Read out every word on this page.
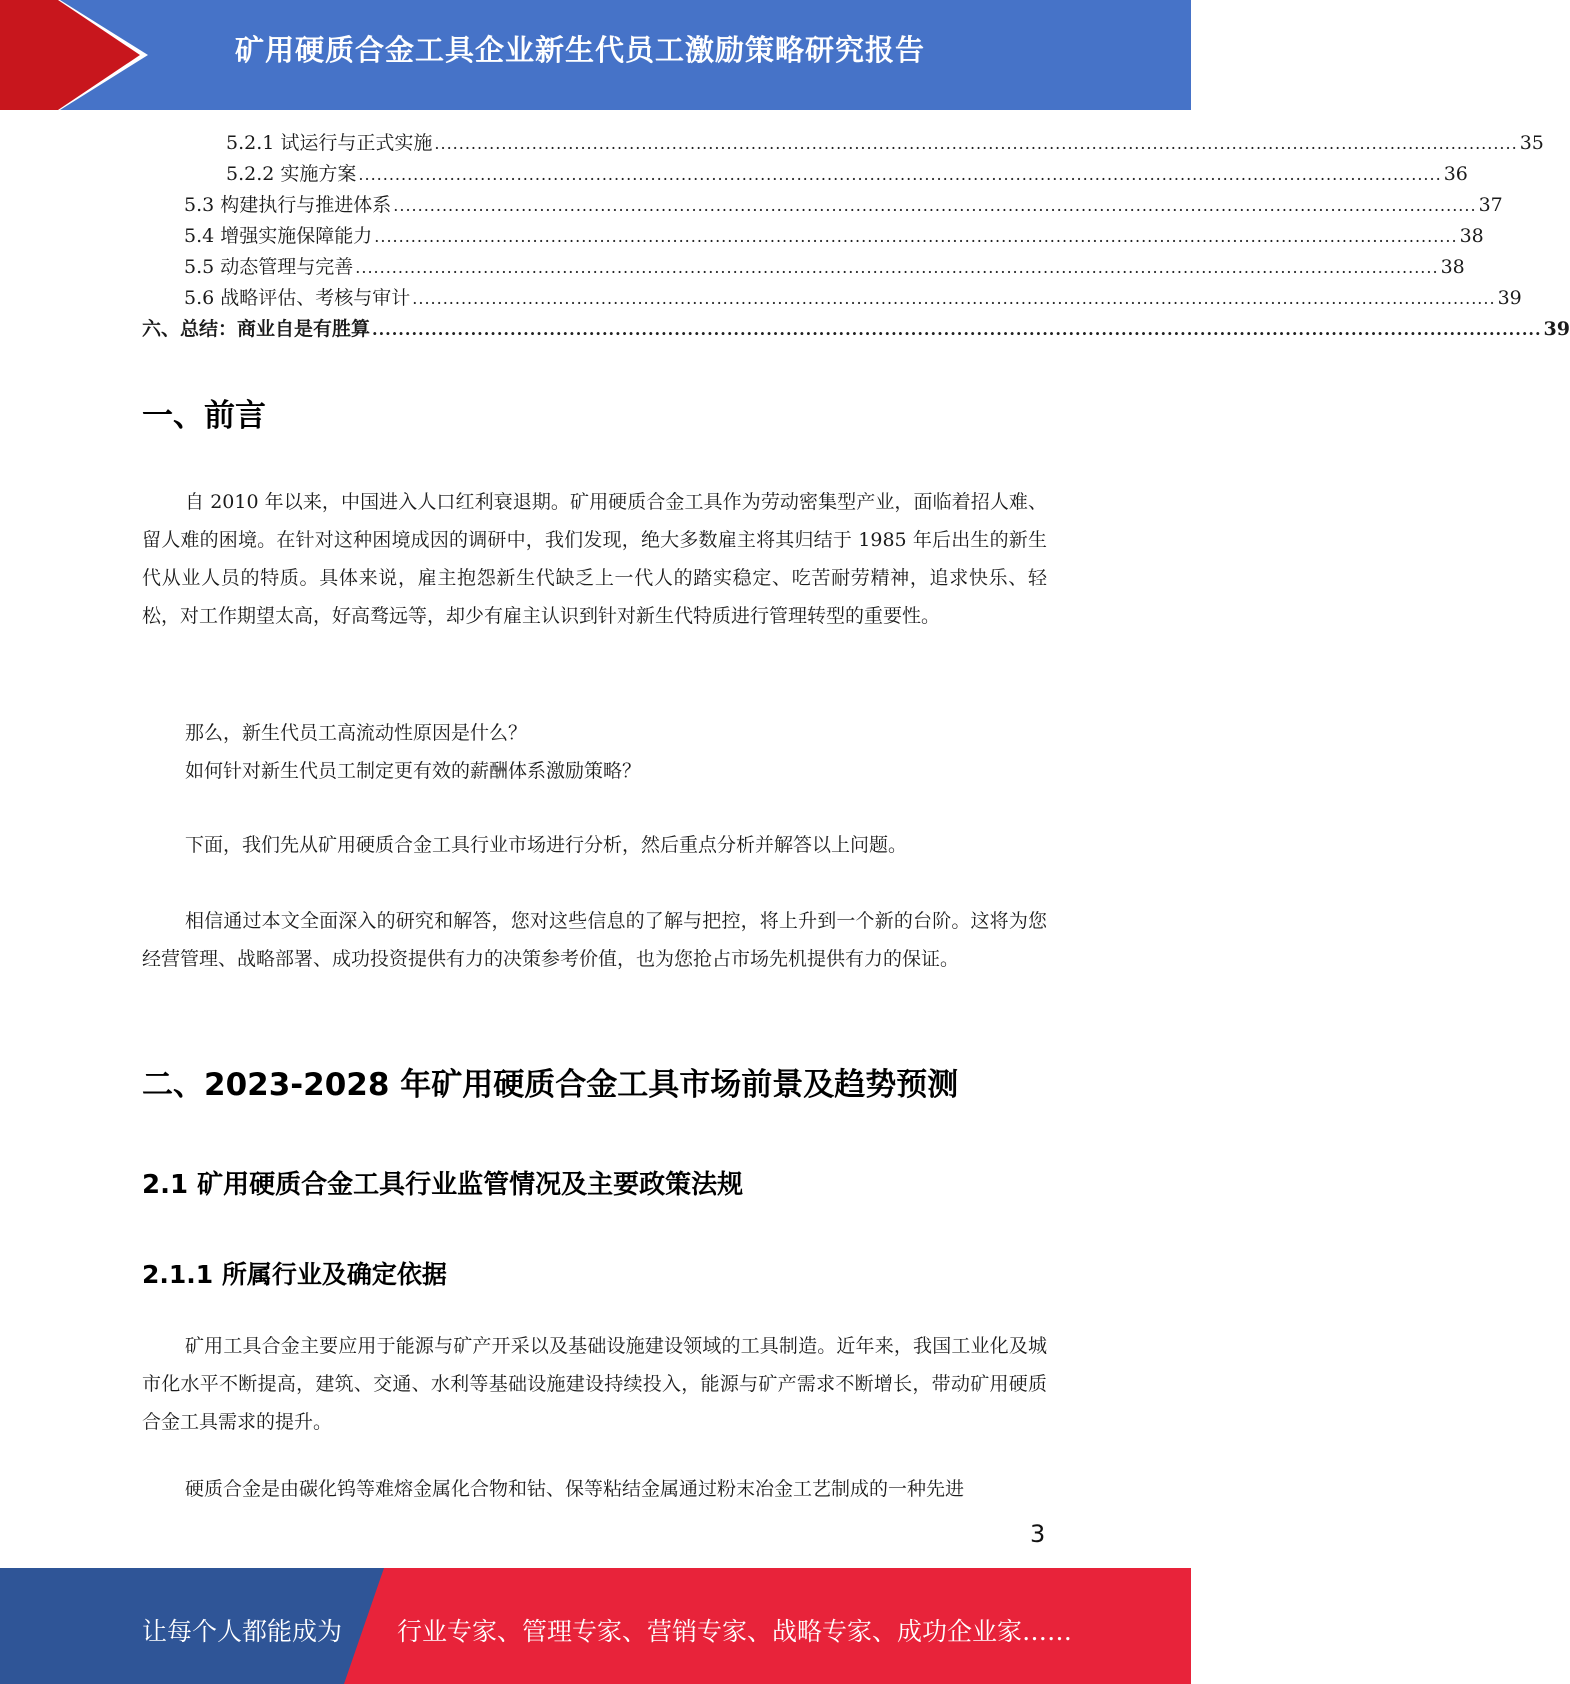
矿用硬质合金工具企业新生代员工激励策略研究报告
5.2.1 试运行与正式实施 .................................................................................................................................................................................. 35
5.2.2 实施方案 .................................................................................................................................................................................. 36
5.3 构建执行与推进体系 .................................................................................................................................................................................. 37
5.4 增强实施保障能力 .................................................................................................................................................................................. 38
5.5 动态管理与完善 .................................................................................................................................................................................. 38
5.6 战略评估、考核与审计 .................................................................................................................................................................................. 39
六、总结：商业自是有胜算 .................................................................................................................................................................................. 39
一、前言

自 2010 年以来，中国进入人口红利衰退期。矿用硬质合金工具作为劳动密集型产业，面临着招人难、留人难的困境。在针对这种困境成因的调研中，我们发现，绝大多数雇主将其归结于 1985 年后出生的新生代从业人员的特质。具体来说，雇主抱怨新生代缺乏上一代人的踏实稳定、吃苦耐劳精神，追求快乐、轻松，对工作期望太高，好高骛远等，却少有雇主认识到针对新生代特质进行管理转型的重要性。

那么，新生代员工高流动性原因是什么？
如何针对新生代员工制定更有效的薪酬体系激励策略？

下面，我们先从矿用硬质合金工具行业市场进行分析，然后重点分析并解答以上问题。

相信通过本文全面深入的研究和解答，您对这些信息的了解与把控，将上升到一个新的台阶。这将为您经营管理、战略部署、成功投资提供有力的决策参考价值，也为您抢占市场先机提供有力的保证。

二、2023-2028 年矿用硬质合金工具市场前景及趋势预测
2.1 矿用硬质合金工具行业监管情况及主要政策法规
2.1.1 所属行业及确定依据

矿用工具合金主要应用于能源与矿产开采以及基础设施建设领域的工具制造。近年来，我国工业化及城市化水平不断提高，建筑、交通、水利等基础设施建设持续投入，能源与矿产需求不断增长，带动矿用硬质合金工具需求的提升。

硬质合金是由碳化钨等难熔金属化合物和钴、保等粘结金属通过粉末冶金工艺制成的一种先进

3
让每个人都能成为 行业专家、管理专家、营销专家、战略专家、成功企业家……
